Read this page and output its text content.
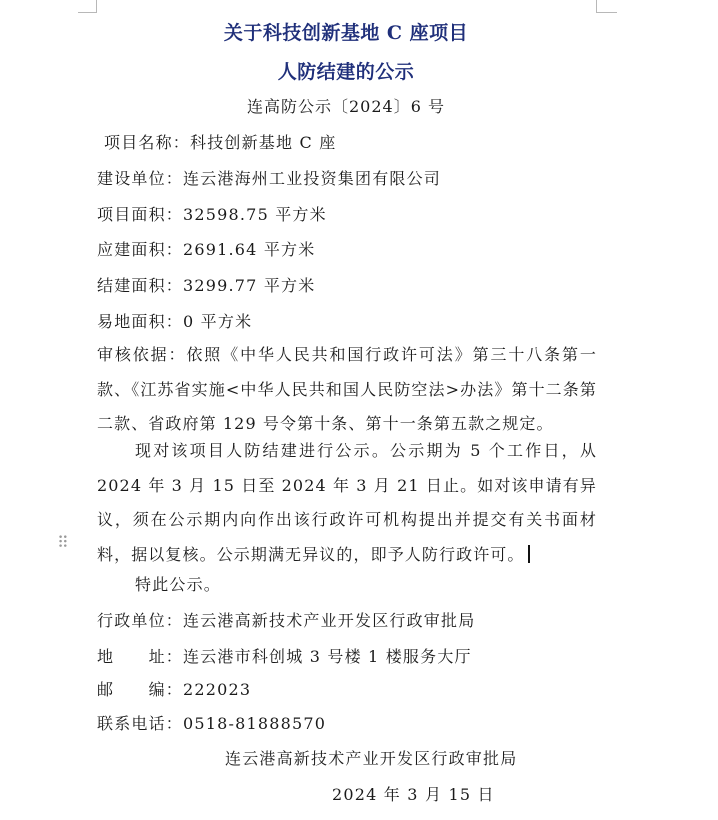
关于科技创新基地 C 座项目
人防结建的公示
连高防公示〔2024〕6 号
项目名称：科技创新基地 C 座
建设单位：连云港海州工业投资集团有限公司
项目面积：32598.75 平方米
应建面积：2691.64 平方米
结建面积：3299.77 平方米
易地面积：0 平方米
审核依据：依照《中华人民共和国行政许可法》第三十八条第一款、《江苏省实施<中华人民共和国人民防空法>办法》第十二条第二款、省政府第 129 号令第十条、第十一条第五款之规定。
现对该项目人防结建进行公示。公示期为 5 个工作日，从 2024 年 3 月 15 日至 2024 年 3 月 21 日止。如对该申请有异议，须在公示期内向作出该行政许可机构提出并提交有关书面材料，据以复核。公示期满无异议的，即予人防行政许可。
⠿
特此公示。
行政单位：连云港高新技术产业开发区行政审批局
地　　址：连云港市科创城 3 号楼 1 楼服务大厅
邮　　编：222023
联系电话：0518-81888570
连云港高新技术产业开发区行政审批局
2024 年 3 月 15 日
